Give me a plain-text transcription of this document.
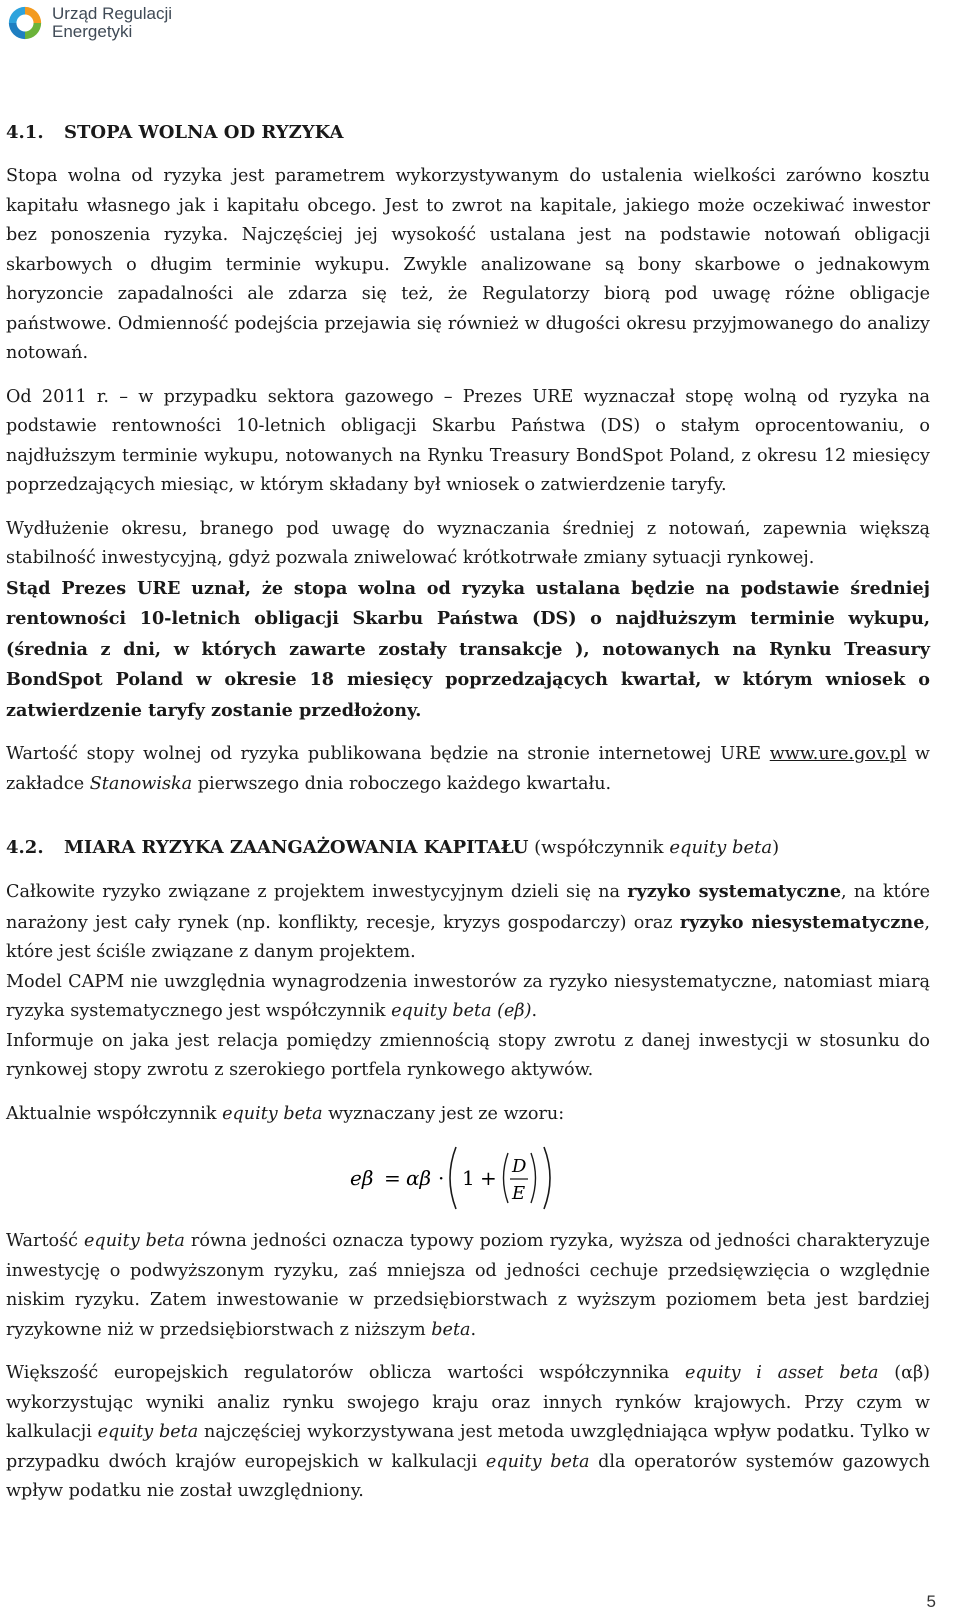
Urząd Regulacji
Energetyki
4.1. STOPA WOLNA OD RYZYKA

Stopa wolna od ryzyka jest parametrem wykorzystywanym do ustalenia wielkości zarówno kosztu kapitału własnego jak i kapitału obcego. Jest to zwrot na kapitale, jakiego może oczekiwać inwestor bez ponoszenia ryzyka. Najczęściej jej wysokość ustalana jest na podstawie notowań obligacji skarbowych o długim terminie wykupu. Zwykle analizowane są bony skarbowe o jednakowym horyzoncie zapadalności ale zdarza się też, że Regulatorzy biorą pod uwagę różne obligacje państwowe. Odmienność podejścia przejawia się również w długości okresu przyjmowanego do analizy notowań.

Od 2011 r. – w przypadku sektora gazowego – Prezes URE wyznaczał stopę wolną od ryzyka na podstawie rentowności 10-letnich obligacji Skarbu Państwa (DS) o stałym oprocentowaniu, o najdłuższym terminie wykupu, notowanych na Rynku Treasury BondSpot Poland, z okresu 12 miesięcy poprzedzających miesiąc, w którym składany był wniosek o zatwierdzenie taryfy.

Wydłużenie okresu, branego pod uwagę do wyznaczania średniej z notowań, zapewnia większą stabilność inwestycyjną, gdyż pozwala zniwelować krótkotrwałe zmiany sytuacji rynkowej.

Stąd Prezes URE uznał, że stopa wolna od ryzyka ustalana będzie na podstawie średniej rentowności 10-letnich obligacji Skarbu Państwa (DS) o najdłuższym terminie wykupu, (średnia z dni, w których zawarte zostały transakcje ), notowanych na Rynku Treasury BondSpot Poland w okresie 18 miesięcy poprzedzających kwartał, w którym wniosek o zatwierdzenie taryfy zostanie przedłożony.

Wartość stopy wolnej od ryzyka publikowana będzie na stronie internetowej URE www.ure.gov.pl w zakładce Stanowiska pierwszego dnia roboczego każdego kwartału.

4.2. MIARA RYZYKA ZAANGAŻOWANIA KAPITAŁU (współczynnik equity beta)

Całkowite ryzyko związane z projektem inwestycyjnym dzieli się na ryzyko systematyczne, na które narażony jest cały rynek (np. konflikty, recesje, kryzys gospodarczy) oraz ryzyko niesystematyczne, które jest ściśle związane z danym projektem.

Model CAPM nie uwzględnia wynagrodzenia inwestorów za ryzyko niesystematyczne, natomiast miarą ryzyka systematycznego jest współczynnik equity beta (eβ).

Informuje on jaka jest relacja pomiędzy zmiennością stopy zwrotu z danej inwestycji w stosunku do rynkowej stopy zwrotu z szerokiego portfela rynkowego aktywów.

Aktualnie współczynnik equity beta wyznaczany jest ze wzoru:

eβ = αβ · 1 + D
E

Wartość equity beta równa jedności oznacza typowy poziom ryzyka, wyższa od jedności charakteryzuje inwestycję o podwyższonym ryzyku, zaś mniejsza od jedności cechuje przedsięwzięcia o względnie niskim ryzyku. Zatem inwestowanie w przedsiębiorstwach z wyższym poziomem beta jest bardziej ryzykowne niż w przedsiębiorstwach z niższym beta.

Większość europejskich regulatorów oblicza wartości współczynnika equity i asset beta (αβ) wykorzystując wyniki analiz rynku swojego kraju oraz innych rynków krajowych. Przy czym w kalkulacji equity beta najczęściej wykorzystywana jest metoda uwzględniająca wpływ podatku. Tylko w przypadku dwóch krajów europejskich w kalkulacji equity beta dla operatorów systemów gazowych wpływ podatku nie został uwzględniony.

5
